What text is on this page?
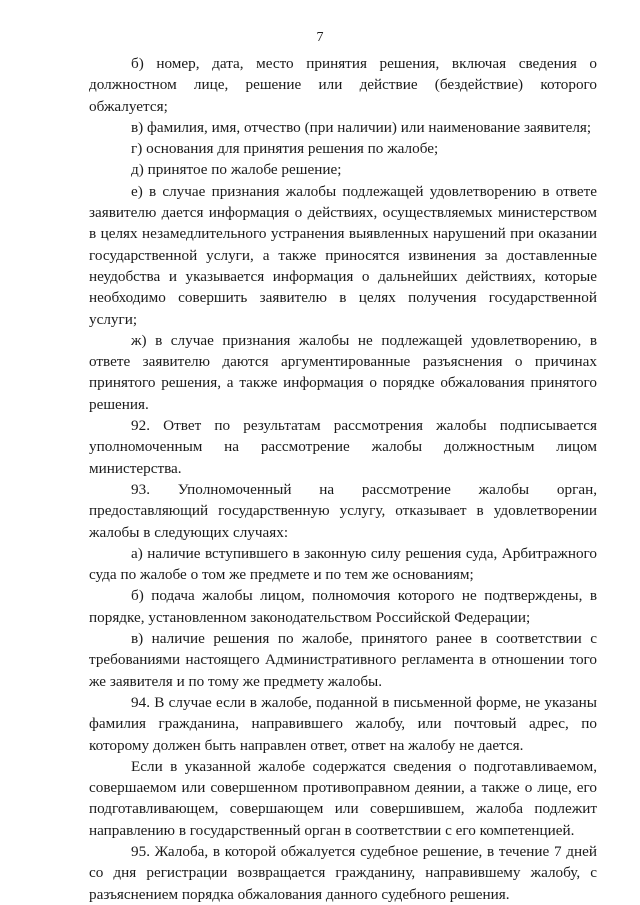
7

б) номер, дата, место принятия решения, включая сведения о должностном лице, решение или действие (бездействие) которого обжалуется;

в) фамилия, имя, отчество (при наличии) или наименование заявителя;

г) основания для принятия решения по жалобе;

д) принятое по жалобе решение;

е) в случае признания жалобы подлежащей удовлетворению в ответе заявителю дается информация о действиях, осуществляемых министерством в целях незамедлительного устранения выявленных нарушений при оказании государственной услуги, а также приносятся извинения за доставленные неудобства и указывается информация о дальнейших действиях, которые необходимо совершить заявителю в целях получения государственной услуги;

ж) в случае признания жалобы не подлежащей удовлетворению, в ответе заявителю даются аргументированные разъяснения о причинах принятого решения, а также информация о порядке обжалования принятого решения.

92. Ответ по результатам рассмотрения жалобы подписывается уполномоченным на рассмотрение жалобы должностным лицом министерства.

93. Уполномоченный на рассмотрение жалобы орган, предоставляющий государственную услугу, отказывает в удовлетворении жалобы в следующих случаях:

а) наличие вступившего в законную силу решения суда, Арбитражного суда по жалобе о том же предмете и по тем же основаниям;

б) подача жалобы лицом, полномочия которого не подтверждены, в порядке, установленном законодательством Российской Федерации;

в) наличие решения по жалобе, принятого ранее в соответствии с требованиями настоящего Административного регламента в отношении того же заявителя и по тому же предмету жалобы.

94. В случае если в жалобе, поданной в письменной форме, не указаны фамилия гражданина, направившего жалобу, или почтовый адрес, по которому должен быть направлен ответ, ответ на жалобу не дается.

Если в указанной жалобе содержатся сведения о подготавливаемом, совершаемом или совершенном противоправном деянии, а также о лице, его подготавливающем, совершающем или совершившем, жалоба подлежит направлению в государственный орган в соответствии с его компетенцией.

95. Жалоба, в которой обжалуется судебное решение, в течение 7 дней со дня регистрации возвращается гражданину, направившему жалобу, с разъяснением порядка обжалования данного судебного решения.
